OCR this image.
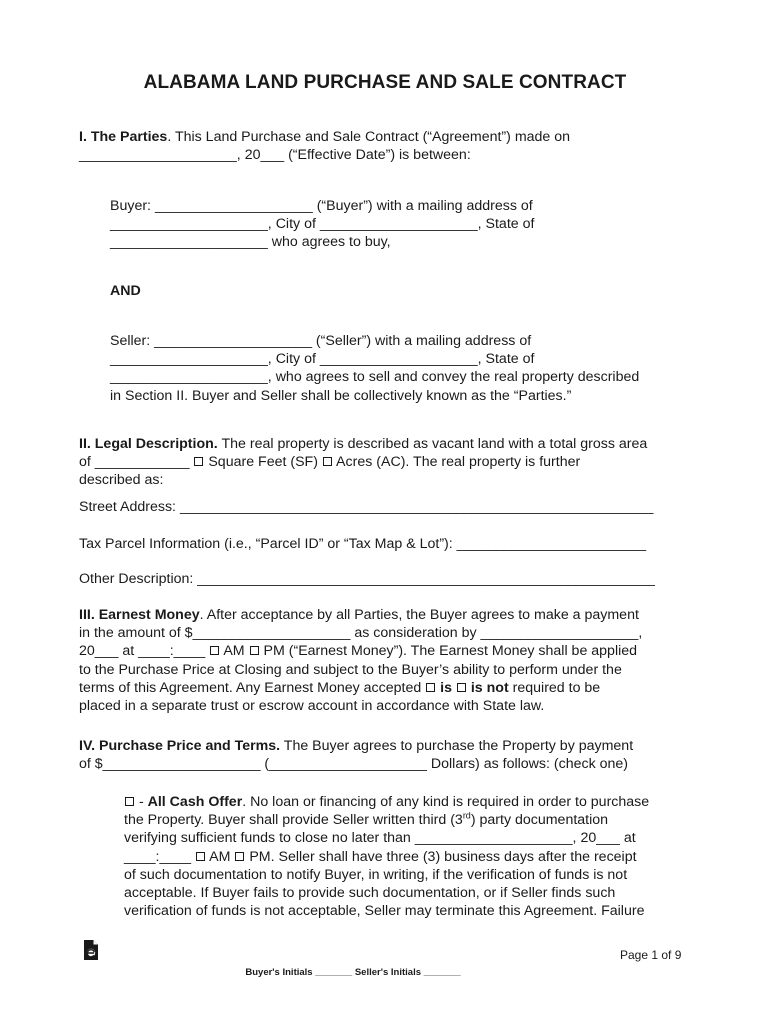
ALABAMA LAND PURCHASE AND SALE CONTRACT
I. The Parties. This Land Purchase and Sale Contract (“Agreement”) made on
____________________, 20___ (“Effective Date”) is between:
Buyer: ____________________ (“Buyer”) with a mailing address of
____________________, City of ____________________, State of
____________________ who agrees to buy,
AND
Seller: ____________________ (“Seller”) with a mailing address of
____________________, City of ____________________, State of
____________________, who agrees to sell and convey the real property described
in Section II. Buyer and Seller shall be collectively known as the “Parties.”
II. Legal Description. The real property is described as vacant land with a total gross area
of ____________  Square Feet (SF)  Acres (AC). The real property is further
described as:
Street Address: ____________________________________________________________
Tax Parcel Information (i.e., “Parcel ID” or “Tax Map & Lot”): ________________________
Other Description: __________________________________________________________
III. Earnest Money. After acceptance by all Parties, the Buyer agrees to make a payment
in the amount of $____________________ as consideration by ____________________,
20___ at ____:____  AM  PM (“Earnest Money”). The Earnest Money shall be applied
to the Purchase Price at Closing and subject to the Buyer’s ability to perform under the
terms of this Agreement. Any Earnest Money accepted  is  is not required to be
placed in a separate trust or escrow account in accordance with State law.
IV. Purchase Price and Terms. The Buyer agrees to purchase the Property by payment
of $____________________ (____________________ Dollars) as follows: (check one)
- All Cash Offer. No loan or financing of any kind is required in order to purchase
the Property. Buyer shall provide Seller written third (3rd) party documentation
verifying sufficient funds to close no later than ____________________, 20___ at
____:____  AM  PM. Seller shall have three (3) business days after the receipt
of such documentation to notify Buyer, in writing, if the verification of funds is not
acceptable. If Buyer fails to provide such documentation, or if Seller finds such
verification of funds is not acceptable, Seller may terminate this Agreement. Failure
Page 1 of 9
Buyer's Initials _______ Seller's Initials _______
